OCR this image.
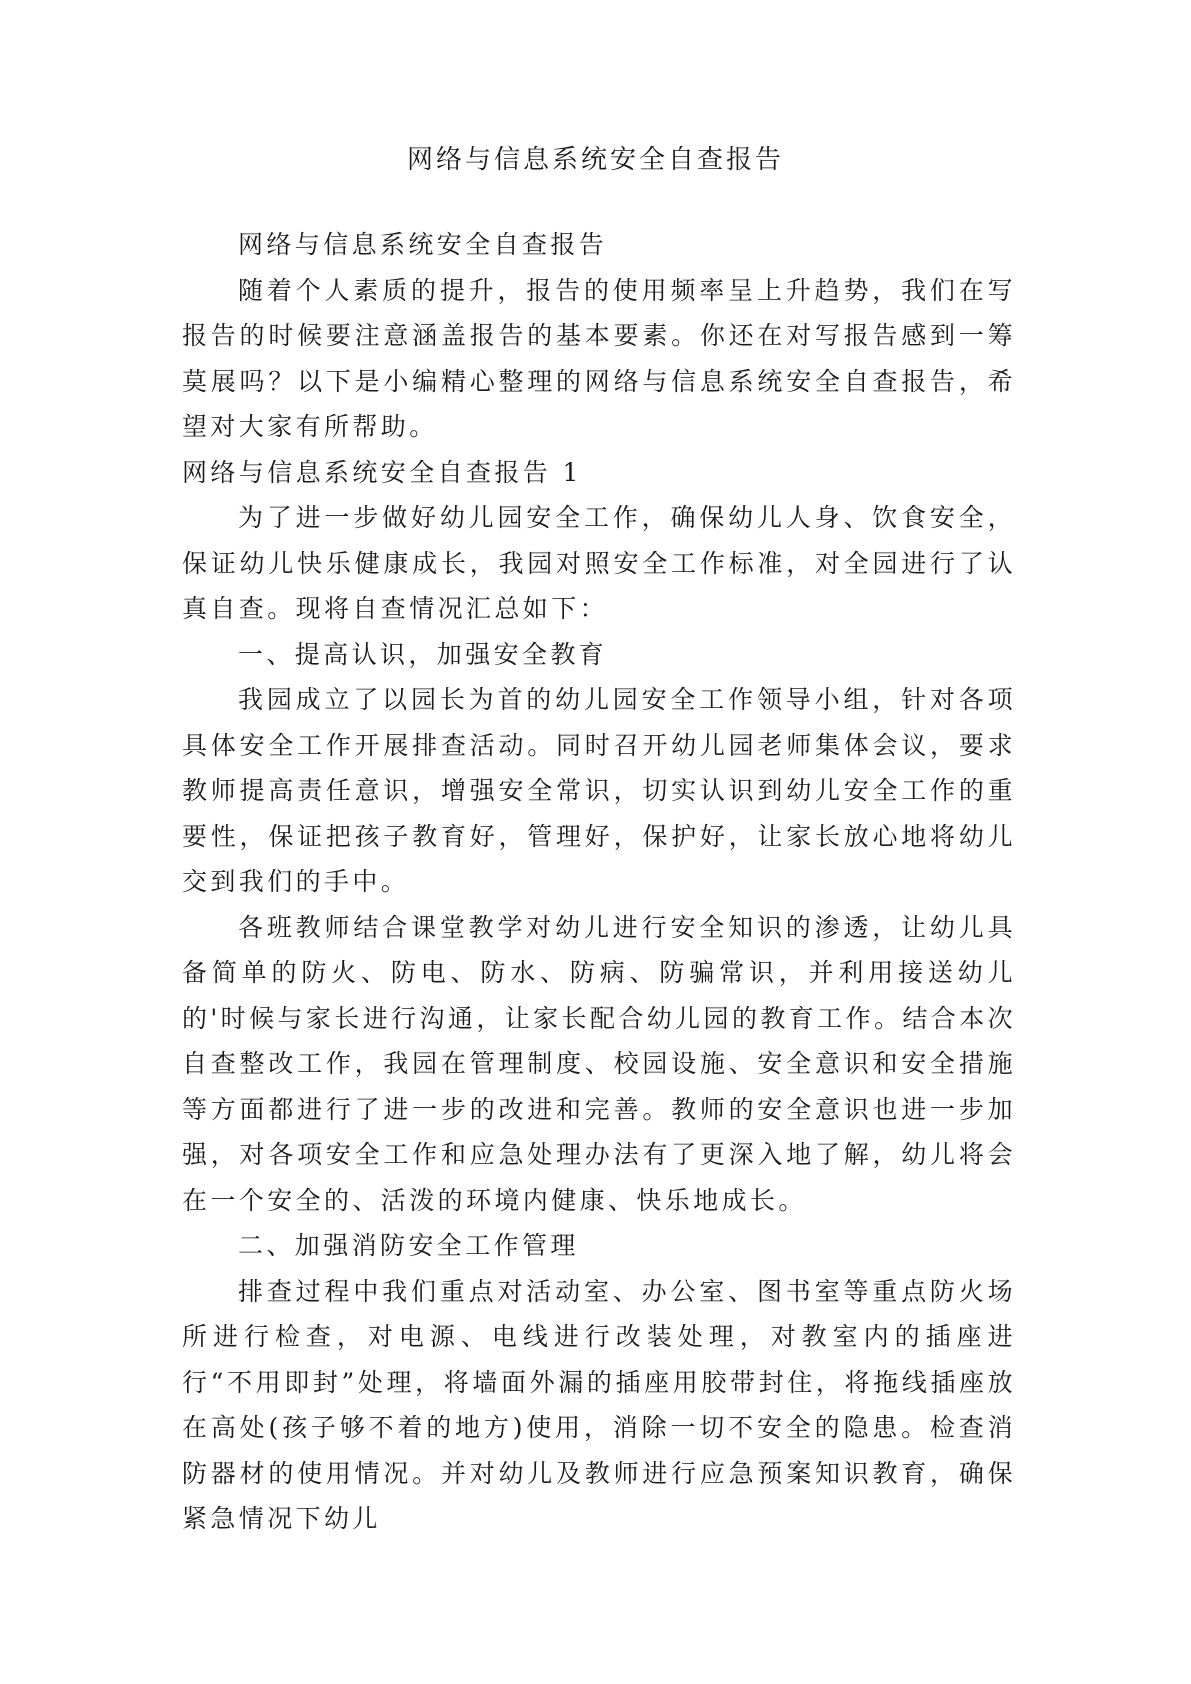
网络与信息系统安全自查报告

网络与信息系统安全自查报告

随着个人素质的提升，报告的使用频率呈上升趋势，我们在写报告的时候要注意涵盖报告的基本要素。你还在对写报告感到一筹莫展吗？以下是小编精心整理的网络与信息系统安全自查报告，希望对大家有所帮助。

网络与信息系统安全自查报告 1

为了进一步做好幼儿园安全工作，确保幼儿人身、饮食安全，保证幼儿快乐健康成长，我园对照安全工作标准，对全园进行了认真自查。现将自查情况汇总如下：

一、提高认识，加强安全教育

我园成立了以园长为首的幼儿园安全工作领导小组，针对各项具体安全工作开展排查活动。同时召开幼儿园老师集体会议，要求教师提高责任意识，增强安全常识，切实认识到幼儿安全工作的重要性，保证把孩子教育好，管理好，保护好，让家长放心地将幼儿交到我们的手中。

各班教师结合课堂教学对幼儿进行安全知识的渗透，让幼儿具备简单的防火、防电、防水、防病、防骗常识，并利用接送幼儿的'时候与家长进行沟通，让家长配合幼儿园的教育工作。结合本次自查整改工作，我园在管理制度、校园设施、安全意识和安全措施等方面都进行了进一步的改进和完善。教师的安全意识也进一步加强，对各项安全工作和应急处理办法有了更深入地了解，幼儿将会在一个安全的、活泼的环境内健康、快乐地成长。

二、加强消防安全工作管理

排查过程中我们重点对活动室、办公室、图书室等重点防火场所进行检查，对电源、电线进行改装处理，对教室内的插座进行“不用即封”处理，将墙面外漏的插座用胶带封住，将拖线插座放在高处(孩子够不着的地方)使用，消除一切不安全的隐患。检查消防器材的使用情况。并对幼儿及教师进行应急预案知识教育，确保紧急情况下幼儿
